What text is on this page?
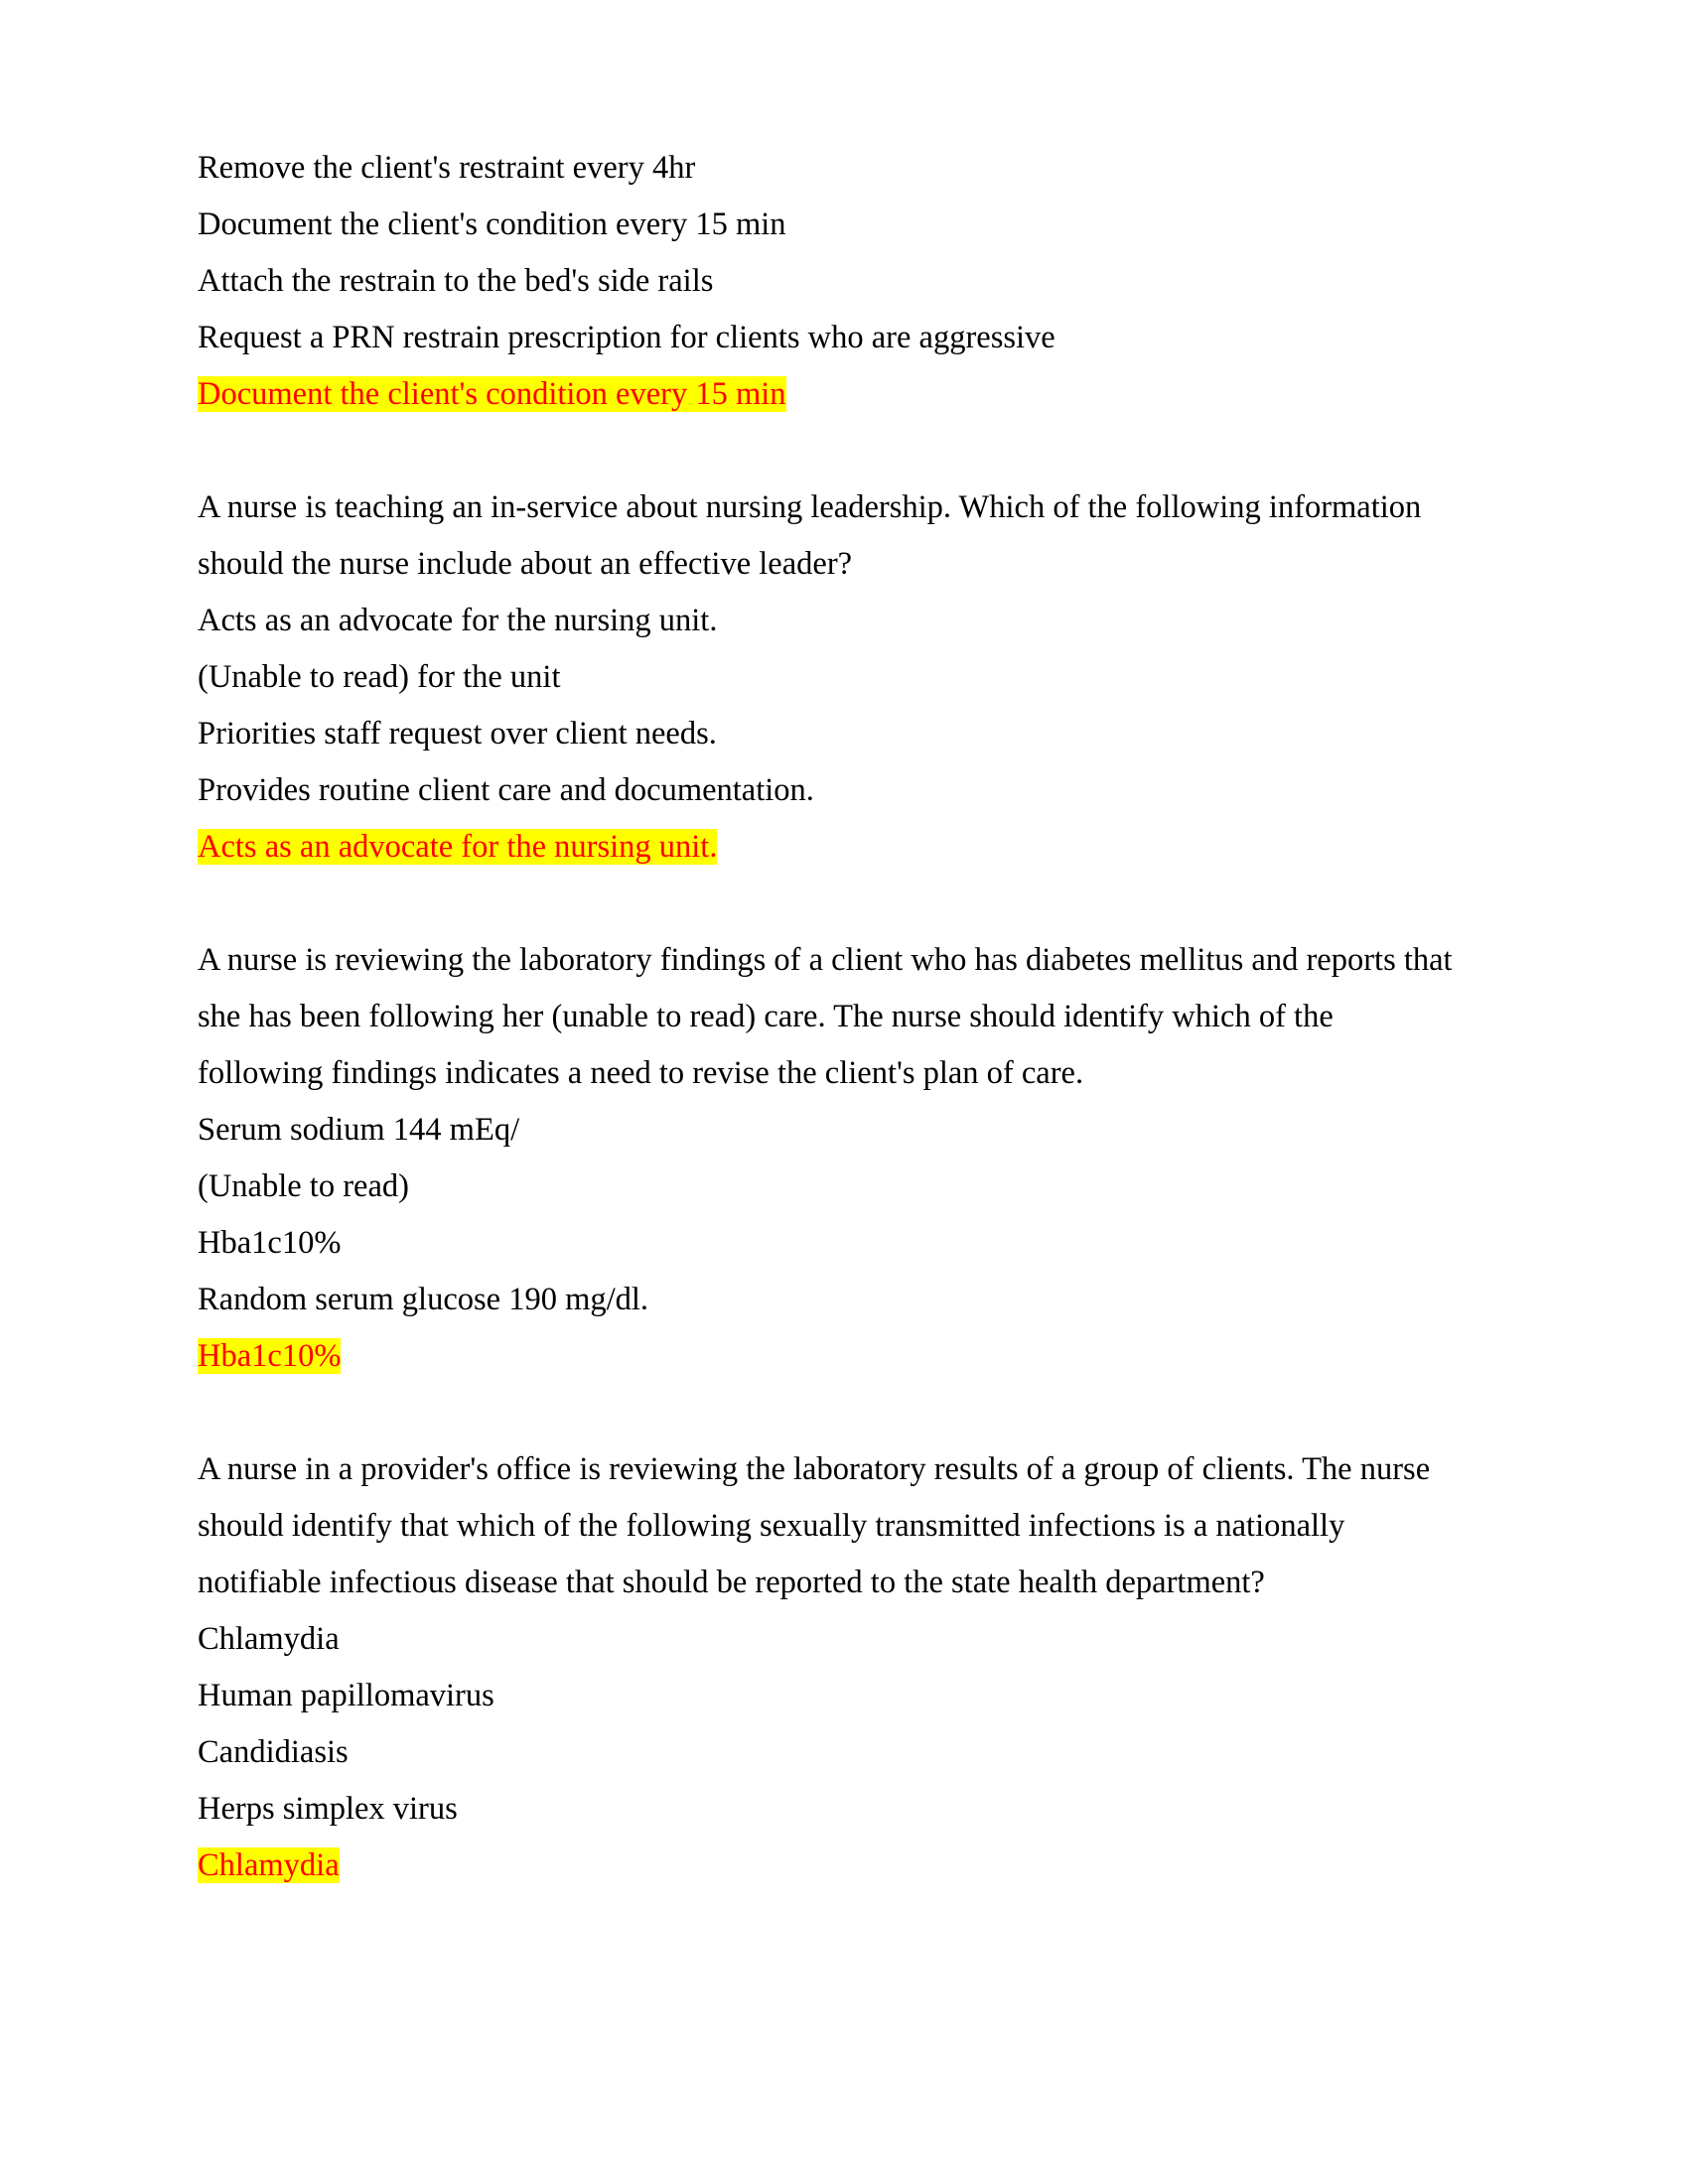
Remove the client's restraint every 4hr
Document the client's condition every 15 min
Attach the restrain to the bed's side rails
Request a PRN restrain prescription for clients who are aggressive
Document the client's condition every 15 min
A nurse is teaching an in-service about nursing leadership. Which of the following information
should the nurse include about an effective leader?
Acts as an advocate for the nursing unit.
(Unable to read) for the unit
Priorities staff request over client needs.
Provides routine client care and documentation.
Acts as an advocate for the nursing unit.
A nurse is reviewing the laboratory findings of a client who has diabetes mellitus and reports that
she has been following her (unable to read) care. The nurse should identify which of the
following findings indicates a need to revise the client's plan of care.
Serum sodium 144 mEq/
(Unable to read)
Hba1c10%
Random serum glucose 190 mg/dl.
Hba1c10%
A nurse in a provider's office is reviewing the laboratory results of a group of clients. The nurse
should identify that which of the following sexually transmitted infections is a nationally
notifiable infectious disease that should be reported to the state health department?
Chlamydia
Human papillomavirus
Candidiasis
Herps simplex virus
Chlamydia
